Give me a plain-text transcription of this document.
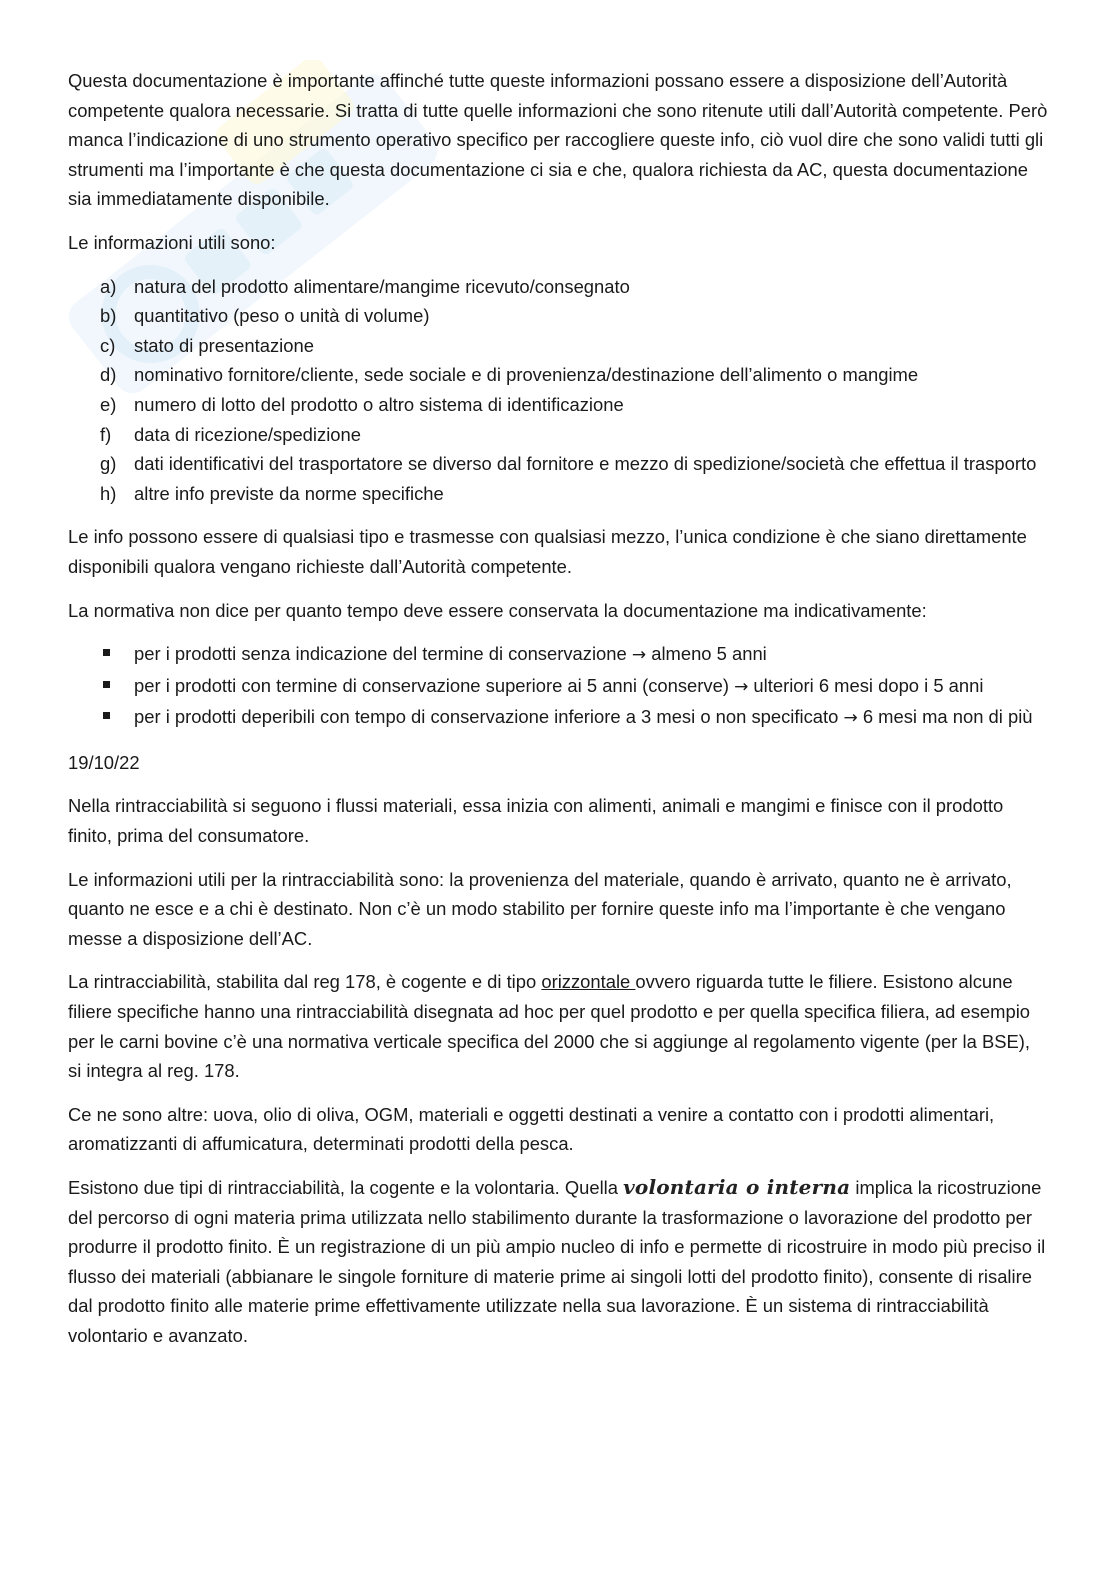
Questa documentazione è importante affinché tutte queste informazioni possano essere a disposizione dell’Autorità competente qualora necessarie. Si tratta di tutte quelle informazioni che sono ritenute utili dall’Autorità competente. Però manca l’indicazione di uno strumento operativo specifico per raccogliere queste info, ciò vuol dire che sono validi tutti gli strumenti ma l’importante è che questa documentazione ci sia e che, qualora richiesta da AC, questa documentazione sia immediatamente disponibile.

Le informazioni utili sono:

a) natura del prodotto alimentare/mangime ricevuto/consegnato
b) quantitativo (peso o unità di volume)
c) stato di presentazione
d) nominativo fornitore/cliente, sede sociale e di provenienza/destinazione dell’alimento o mangime
e) numero di lotto del prodotto o altro sistema di identificazione
f) data di ricezione/spedizione
g) dati identificativi del trasportatore se diverso dal fornitore e mezzo di spedizione/società che effettua il trasporto
h) altre info previste da norme specifiche

Le info possono essere di qualsiasi tipo e trasmesse con qualsiasi mezzo, l’unica condizione è che siano direttamente disponibili qualora vengano richieste dall’Autorità competente.

La normativa non dice per quanto tempo deve essere conservata la documentazione ma indicativamente:

per i prodotti senza indicazione del termine di conservazione → almeno 5 anni
per i prodotti con termine di conservazione superiore ai 5 anni (conserve) → ulteriori 6 mesi dopo i 5 anni
per i prodotti deperibili con tempo di conservazione inferiore a 3 mesi o non specificato → 6 mesi ma non di più

19/10/22

Nella rintracciabilità si seguono i flussi materiali, essa inizia con alimenti, animali e mangimi e finisce con il prodotto finito, prima del consumatore.

Le informazioni utili per la rintracciabilità sono: la provenienza del materiale, quando è arrivato, quanto ne è arrivato, quanto ne esce e a chi è destinato. Non c’è un modo stabilito per fornire queste info ma l’importante è che vengano messe a disposizione dell’AC.

La rintracciabilità, stabilita dal reg 178, è cogente e di tipo orizzontale ovvero riguarda tutte le filiere. Esistono alcune filiere specifiche hanno una rintracciabilità disegnata ad hoc per quel prodotto e per quella specifica filiera, ad esempio per le carni bovine c’è una normativa verticale specifica del 2000 che si aggiunge al regolamento vigente (per la BSE), si integra al reg. 178.

Ce ne sono altre: uova, olio di oliva, OGM, materiali e oggetti destinati a venire a contatto con i prodotti alimentari, aromatizzanti di affumicatura, determinati prodotti della pesca.

Esistono due tipi di rintracciabilità, la cogente e la volontaria. Quella volontaria o interna implica la ricostruzione del percorso di ogni materia prima utilizzata nello stabilimento durante la trasformazione o lavorazione del prodotto per produrre il prodotto finito. È un registrazione di un più ampio nucleo di info e permette di ricostruire in modo più preciso il flusso dei materiali (abbianare le singole forniture di materie prime ai singoli lotti del prodotto finito), consente di risalire dal prodotto finito alle materie prime effettivamente utilizzate nella sua lavorazione. È un sistema di rintracciabilità volontario e avanzato.
